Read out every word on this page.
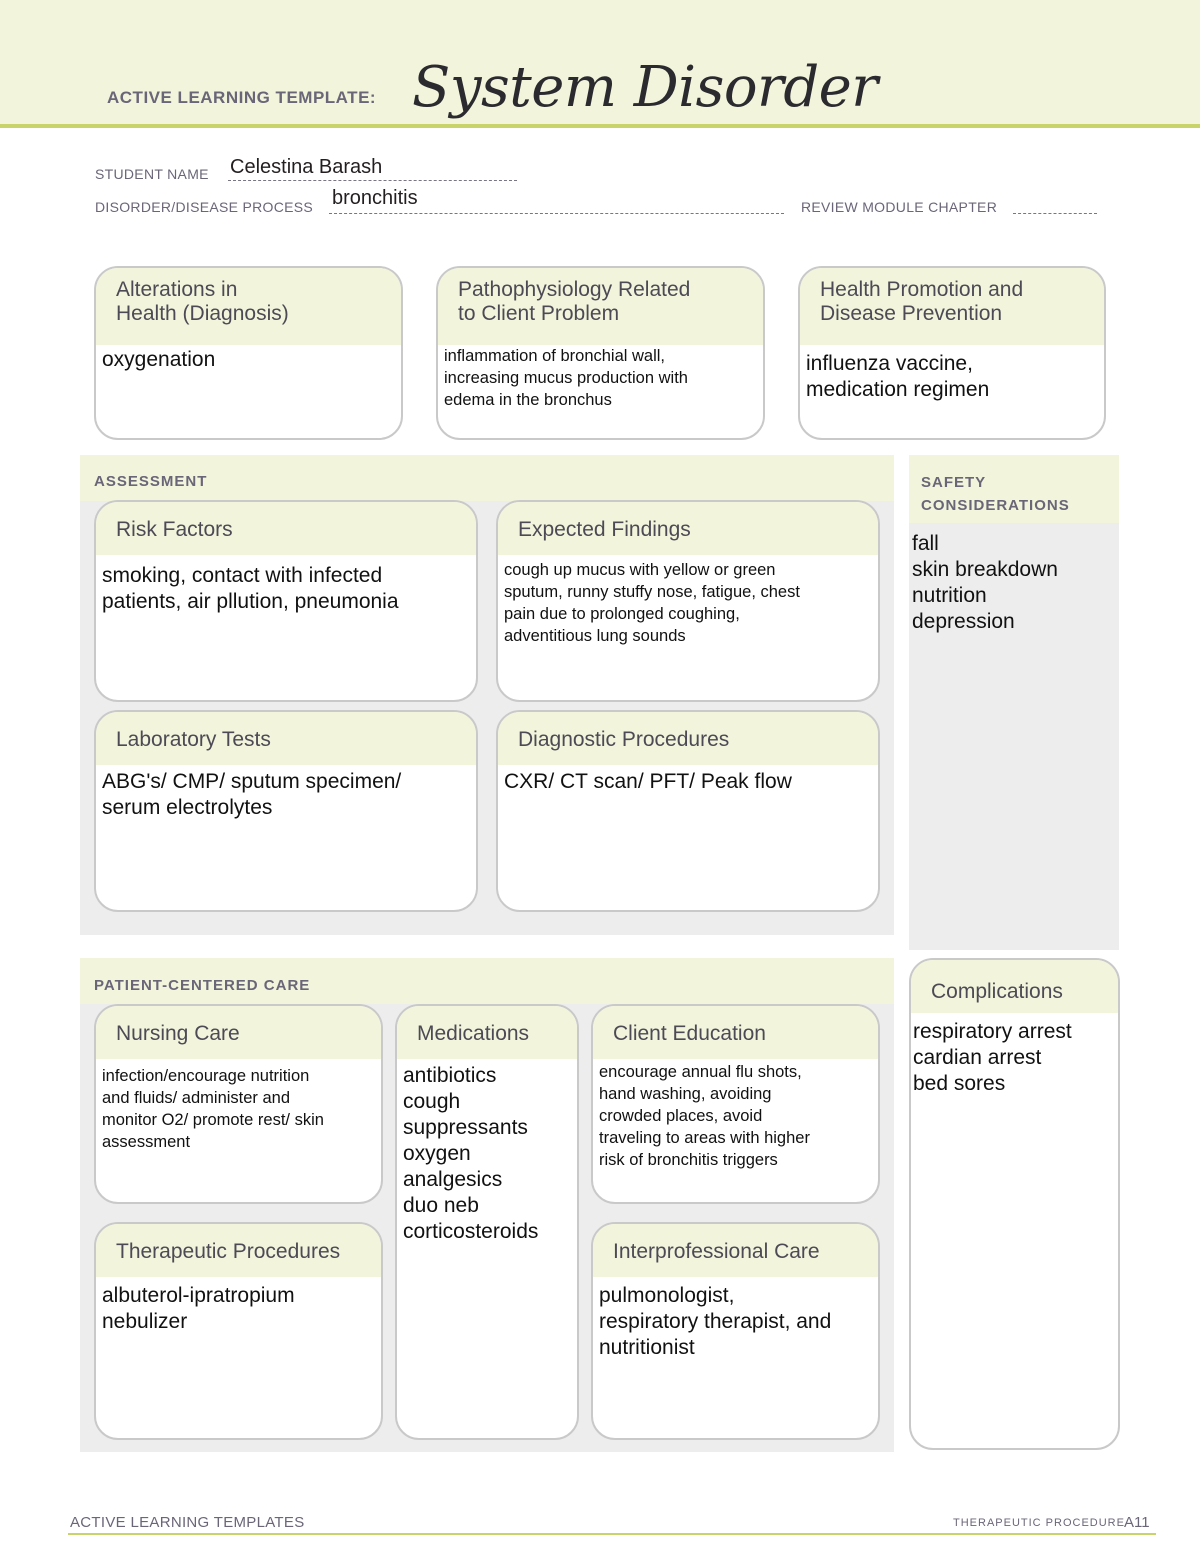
ACTIVE LEARNING TEMPLATE: System Disorder
STUDENT NAME Celestina Barash
DISORDER/DISEASE PROCESS bronchitis	REVIEW MODULE CHAPTER
Alterations in
Health (Diagnosis)
oxygenation
Pathophysiology Related
to Client Problem
inflammation of bronchial wall,
increasing mucus production with
edema in the bronchus
Health Promotion and
Disease Prevention
influenza vaccine,
medication regimen
ASSESSMENT
Risk Factors
smoking, contact with infected
patients, air pllution, pneumonia
Expected Findings
cough up mucus with yellow or green
sputum, runny stuffy nose, fatigue, chest
pain due to prolonged coughing,
adventitious lung sounds
Laboratory Tests
ABG's/ CMP/ sputum specimen/
serum electrolytes
Diagnostic Procedures
CXR/ CT scan/ PFT/ Peak flow
SAFETY
CONSIDERATIONS
fall
skin breakdown
nutrition
depression
PATIENT-CENTERED CARE
Nursing Care
infection/encourage nutrition
and fluids/ administer and
monitor O2/ promote rest/ skin
assessment
Medications
antibiotics
cough
suppressants
oxygen
analgesics
duo neb
corticosteroids
Client Education
encourage annual flu shots,
hand washing, avoiding
crowded places, avoid
traveling to areas with higher
risk of bronchitis triggers
Therapeutic Procedures
albuterol-ipratropium
nebulizer
Interprofessional Care
pulmonologist,
respiratory therapist, and
nutritionist
Complications
respiratory arrest
cardian arrest
bed sores
ACTIVE LEARNING TEMPLATES	THERAPEUTIC PROCEDURE A11
